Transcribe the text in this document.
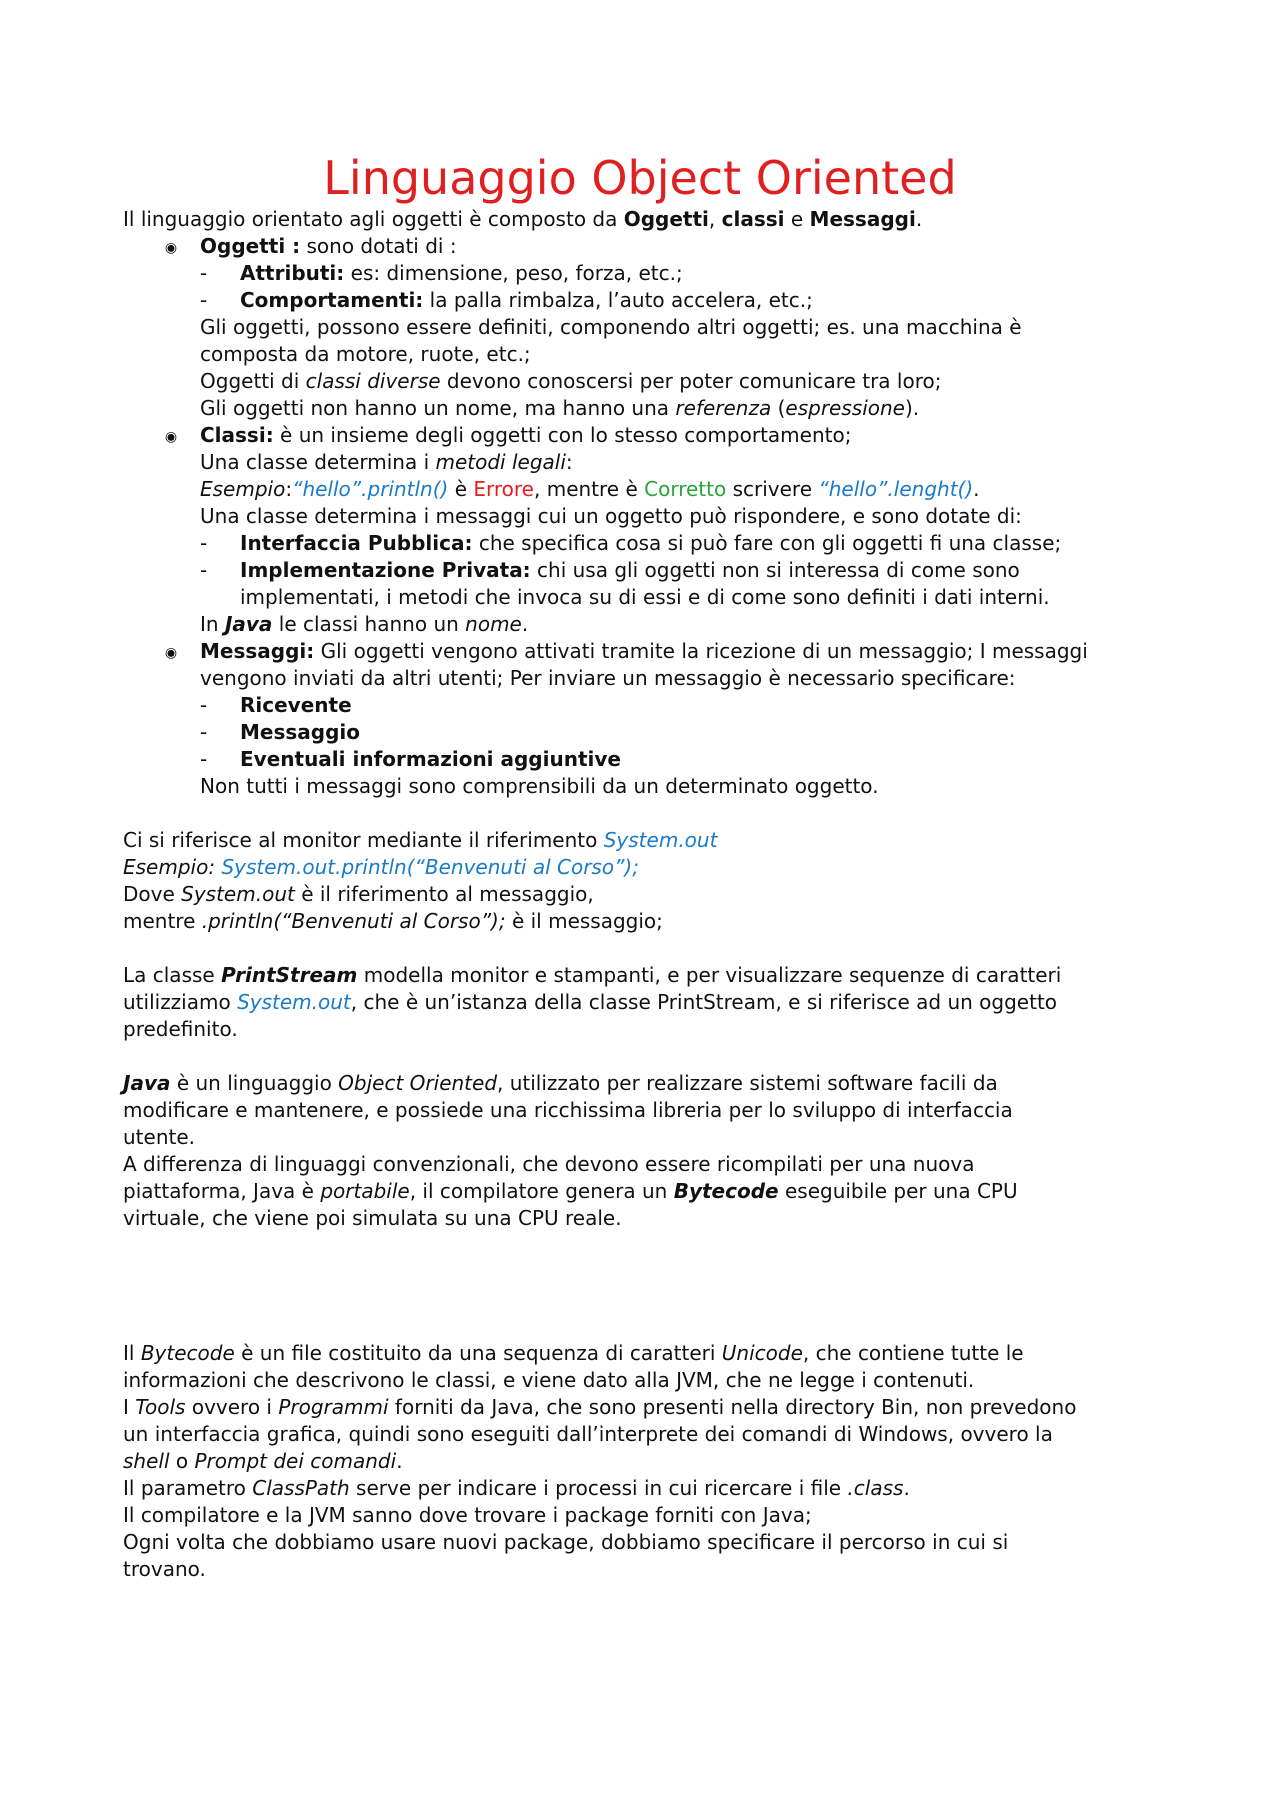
Linguaggio Object Oriented

Il linguaggio orientato agli oggetti è composto da Oggetti, classi e Messaggi.

◉ Oggetti : sono dotati di :

- Attributi: es: dimensione, peso, forza, etc.;

- Comportamenti: la palla rimbalza, l’auto accelera, etc.;

Gli oggetti, possono essere definiti, componendo altri oggetti; es. una macchina è

composta da motore, ruote, etc.;

Oggetti di classi diverse devono conoscersi per poter comunicare tra loro;

Gli oggetti non hanno un nome, ma hanno una referenza (espressione).

◉ Classi: è un insieme degli oggetti con lo stesso comportamento;

Una classe determina i metodi legali:

Esempio:“hello”.println() è Errore, mentre è Corretto scrivere “hello”.lenght().

Una classe determina i messaggi cui un oggetto può rispondere, e sono dotate di:

- Interfaccia Pubblica: che specifica cosa si può fare con gli oggetti fi una classe;

- Implementazione Privata: chi usa gli oggetti non si interessa di come sono

implementati, i metodi che invoca su di essi e di come sono definiti i dati interni.

In Java le classi hanno un nome.

◉ Messaggi: Gli oggetti vengono attivati tramite la ricezione di un messaggio; I messaggi

vengono inviati da altri utenti; Per inviare un messaggio è necessario specificare:

- Ricevente

- Messaggio

- Eventuali informazioni aggiuntive

Non tutti i messaggi sono comprensibili da un determinato oggetto.

Ci si riferisce al monitor mediante il riferimento System.out

Esempio: System.out.println(“Benvenuti al Corso”);

Dove System.out è il riferimento al messaggio,

mentre .println(“Benvenuti al Corso”); è il messaggio;

La classe PrintStream modella monitor e stampanti, e per visualizzare sequenze di caratteri

utilizziamo System.out, che è un’istanza della classe PrintStream, e si riferisce ad un oggetto

predefinito.

Java è un linguaggio Object Oriented, utilizzato per realizzare sistemi software facili da

modificare e mantenere, e possiede una ricchissima libreria per lo sviluppo di interfaccia

utente.

A differenza di linguaggi convenzionali, che devono essere ricompilati per una nuova

piattaforma, Java è portabile, il compilatore genera un Bytecode eseguibile per una CPU

virtuale, che viene poi simulata su una CPU reale.

Il Bytecode è un file costituito da una sequenza di caratteri Unicode, che contiene tutte le

informazioni che descrivono le classi, e viene dato alla JVM, che ne legge i contenuti.

I Tools ovvero i Programmi forniti da Java, che sono presenti nella directory Bin, non prevedono

un interfaccia grafica, quindi sono eseguiti dall’interprete dei comandi di Windows, ovvero la

shell o Prompt dei comandi.

Il parametro ClassPath serve per indicare i processi in cui ricercare i file .class.

Il compilatore e la JVM sanno dove trovare i package forniti con Java;

Ogni volta che dobbiamo usare nuovi package, dobbiamo specificare il percorso in cui si

trovano.
